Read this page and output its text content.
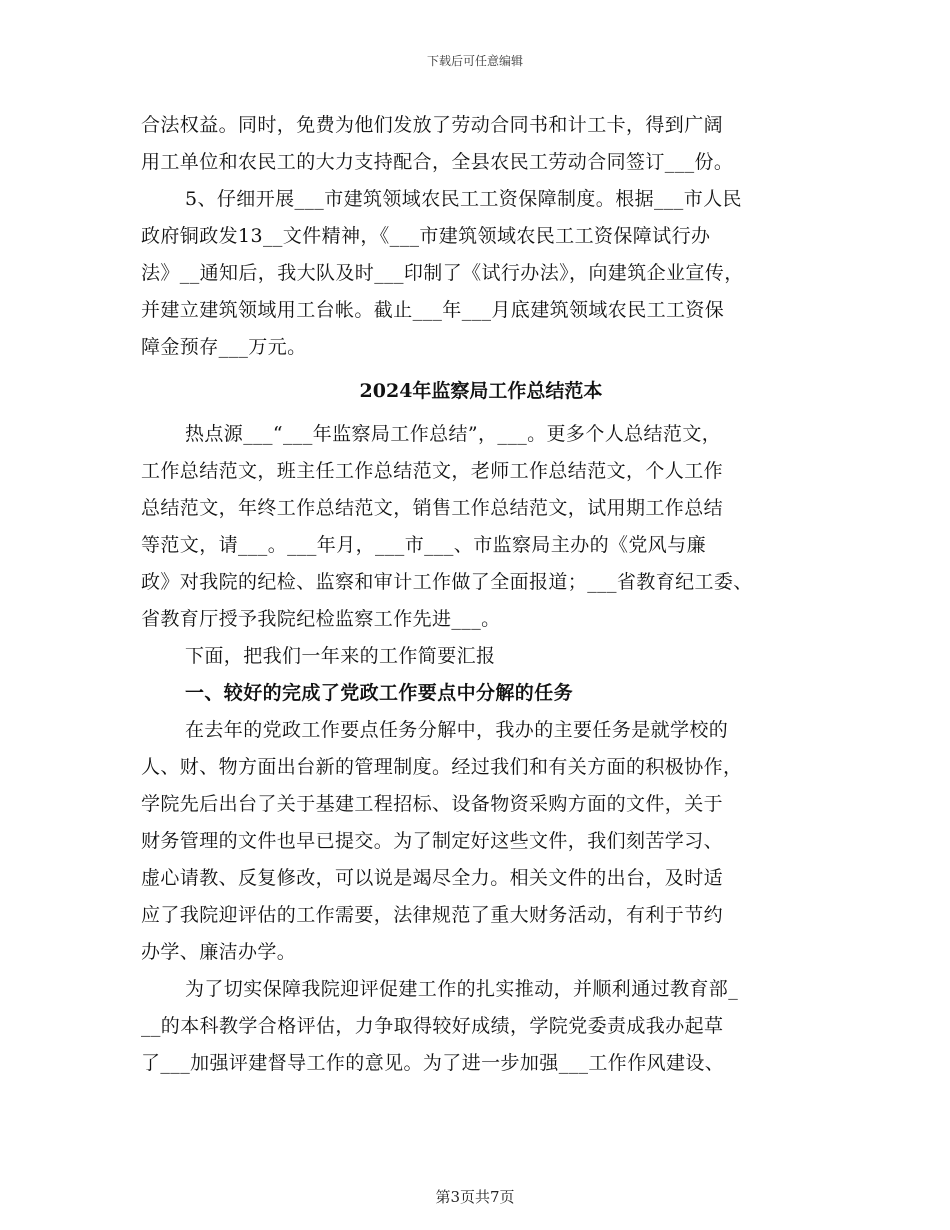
下载后可任意编辑
合法权益。同时，免费为他们发放了劳动合同书和计工卡，得到广阔
用工单位和农民工的大力支持配合，全县农民工劳动合同签订___份。
5、仔细开展___市建筑领域农民工工资保障制度。根据___市人民
政府铜政发13__文件精神，《___市建筑领域农民工工资保障试行办
法》__通知后，我大队及时___印制了《试行办法》，向建筑企业宣传，
并建立建筑领域用工台帐。截止___年___月底建筑领域农民工工资保
障金预存___万元。
2024年监察局工作总结范本
热点源___“___年监察局工作总结”，___。更多个人总结范文，
工作总结范文，班主任工作总结范文，老师工作总结范文，个人工作
总结范文，年终工作总结范文，销售工作总结范文，试用期工作总结
等范文，请___。___年月，___市___、市监察局主办的《党风与廉
政》对我院的纪检、监察和审计工作做了全面报道；___省教育纪工委、
省教育厅授予我院纪检监察工作先进___。
下面，把我们一年来的工作简要汇报
一、较好的完成了党政工作要点中分解的任务
在去年的党政工作要点任务分解中，我办的主要任务是就学校的
人、财、物方面出台新的管理制度。经过我们和有关方面的积极协作，
学院先后出台了关于基建工程招标、设备物资采购方面的文件，关于
财务管理的文件也早已提交。为了制定好这些文件，我们刻苦学习、
虚心请教、反复修改，可以说是竭尽全力。相关文件的出台，及时适
应了我院迎评估的工作需要，法律规范了重大财务活动，有利于节约
办学、廉洁办学。
为了切实保障我院迎评促建工作的扎实推动，并顺利通过教育部_
__的本科教学合格评估，力争取得较好成绩，学院党委责成我办起草
了___加强评建督导工作的意见。为了进一步加强___工作作风建设、
第3页共7页
